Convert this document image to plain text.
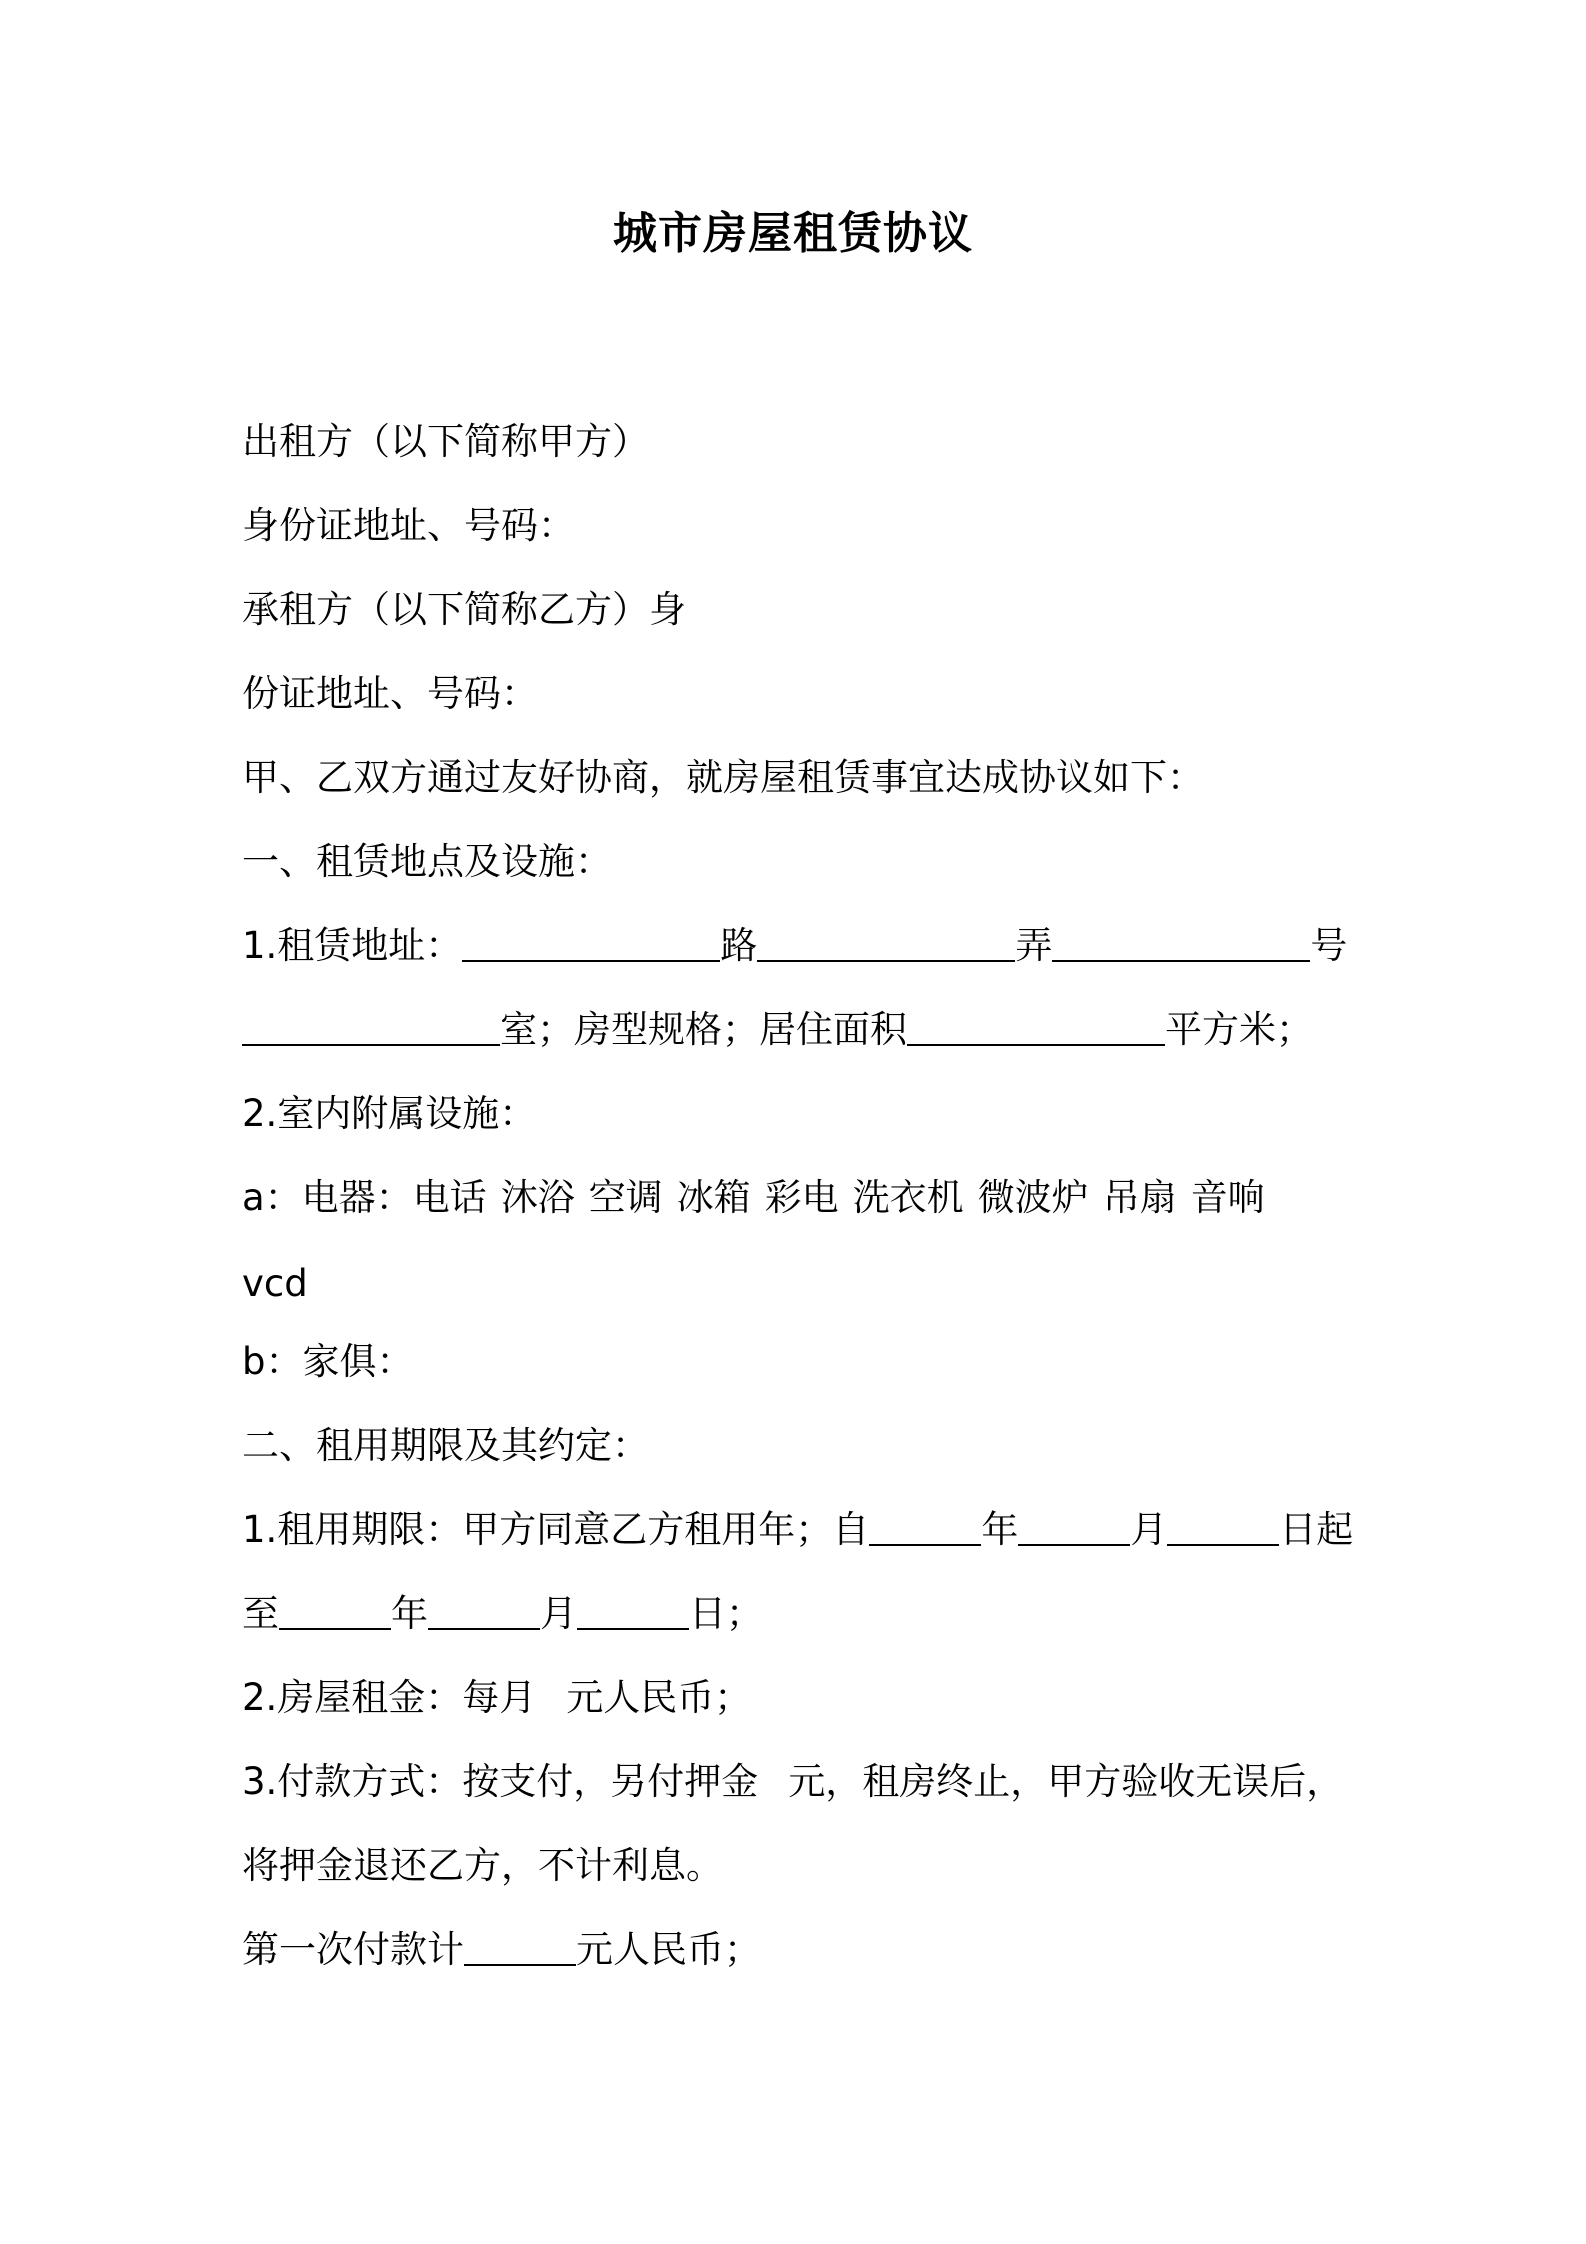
城市房屋租赁协议
出租方（以下简称甲方）
身份证地址、号码：
承租方（以下简称乙方）身
份证地址、号码：
甲、乙双方通过友好协商，就房屋租赁事宜达成协议如下：
一、租赁地点及设施：
1.租赁地址：	路	弄	号
室；房型规格；居住面积	平方米；
2.室内附属设施：
a：电器：电话 沐浴 空调 冰箱 彩电 洗衣机 微波炉 吊扇 音响
vcd
b：家俱：
二、租用期限及其约定：
1.租用期限：甲方同意乙方租用年；自	年	月	日起
至	年	月	日；
2.房屋租金：每月 元人民币；
3.付款方式：按支付，另付押金 元，租房终止，甲方验收无误后，
将押金退还乙方，不计利息。
第一次付款计	元人民币；
